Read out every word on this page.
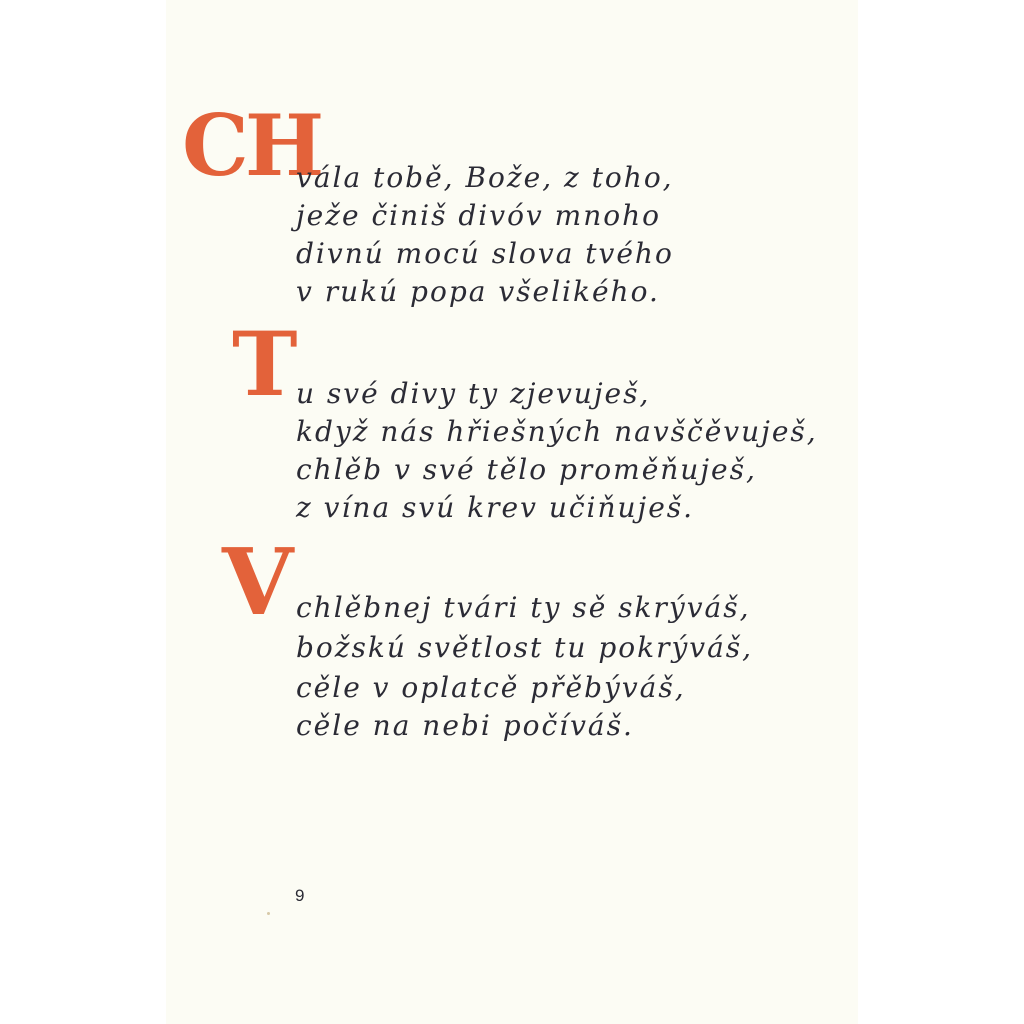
CH
vála tobě, Bože, z toho,
ježe činiš divóv mnoho
divnú mocú slova tvého
v rukú popa všelikého.
T u své divy ty zjevuješ,
když nás hřiešných navščěvuješ,
chlěb v své tělo proměňuješ,
z vína svú krev učiňuješ.
V chlěbnej tvári ty sě skrýváš,
božskú světlost tu pokrýváš,
cěle v oplatcě přěbýváš,
cěle na nebi počíváš.
9
